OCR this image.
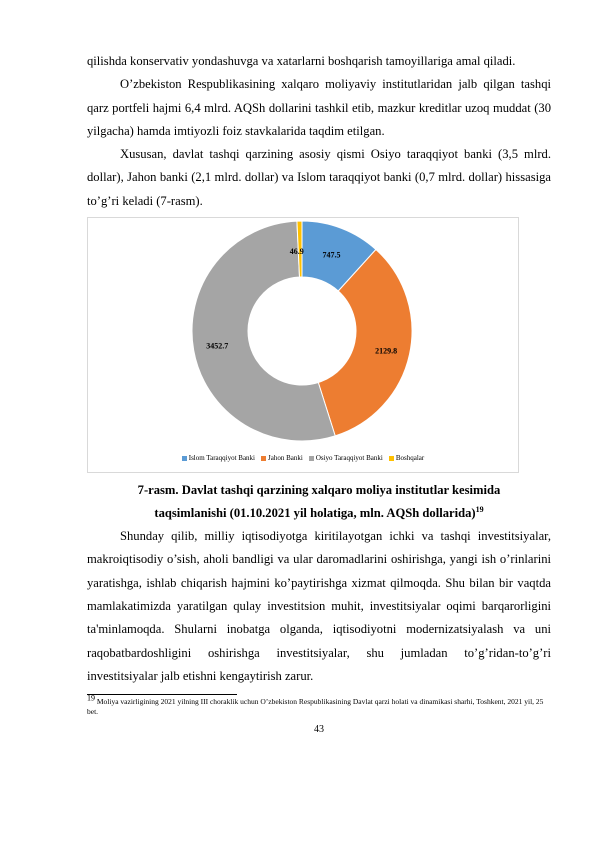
qilishda konservativ yondashuvga va xatarlarni boshqarish tamoyillariga amal qiladi.

O’zbekiston Respublikasining xalqaro moliyaviy institutlaridan jalb qilgan tashqi qarz portfeli hajmi 6,4 mlrd. AQSh dollarini tashkil etib, mazkur kreditlar uzoq muddat (30 yilgacha) hamda imtiyozli foiz stavkalarida taqdim etilgan.

Xususan, davlat tashqi qarzining asosiy qismi Osiyo taraqqiyot banki (3,5 mlrd. dollar), Jahon banki (2,1 mlrd. dollar) va Islom taraqqiyot banki (0,7 mlrd. dollar) hissasiga to’g’ri keladi (7-rasm).

747.5
2129.8
3452.7
46.9
Islom Taraqqiyot Banki Jahon Banki Osiyo Taraqqiyot Banki Boshqalar
7-rasm. Davlat tashqi qarzining xalqaro moliya institutlar kesimida
taqsimlanishi (01.10.2021 yil holatiga, mln. AQSh dollarida)$^{19}$

Shunday qilib, milliy iqtisodiyotga kiritilayotgan ichki va tashqi investitsiyalar, makroiqtisodiy o’sish, aholi bandligi va ular daromadlarini oshirishga, yangi ish o’rinlarini yaratishga, ishlab chiqarish hajmini ko’paytirishga xizmat qilmoqda. Shu bilan bir vaqtda mamlakatimizda yaratilgan qulay investitsion muhit, investitsiyalar oqimi barqarorligini ta'minlamoqda. Shularni inobatga olganda, iqtisodiyotni modernizatsiyalash va uni raqobatbardoshligini oshirishga investitsiyalar, shu jumladan to’g’ridan-to’g’ri investitsiyalar jalb etishni kengaytirish zarur.

$^{19}$ Moliya vazirligining 2021 yilning III choraklik uchun O’zbekiston Respublikasining Davlat qarzi holati va dinamikasi sharhi, Toshkent, 2021 yil, 25 bet.
43
